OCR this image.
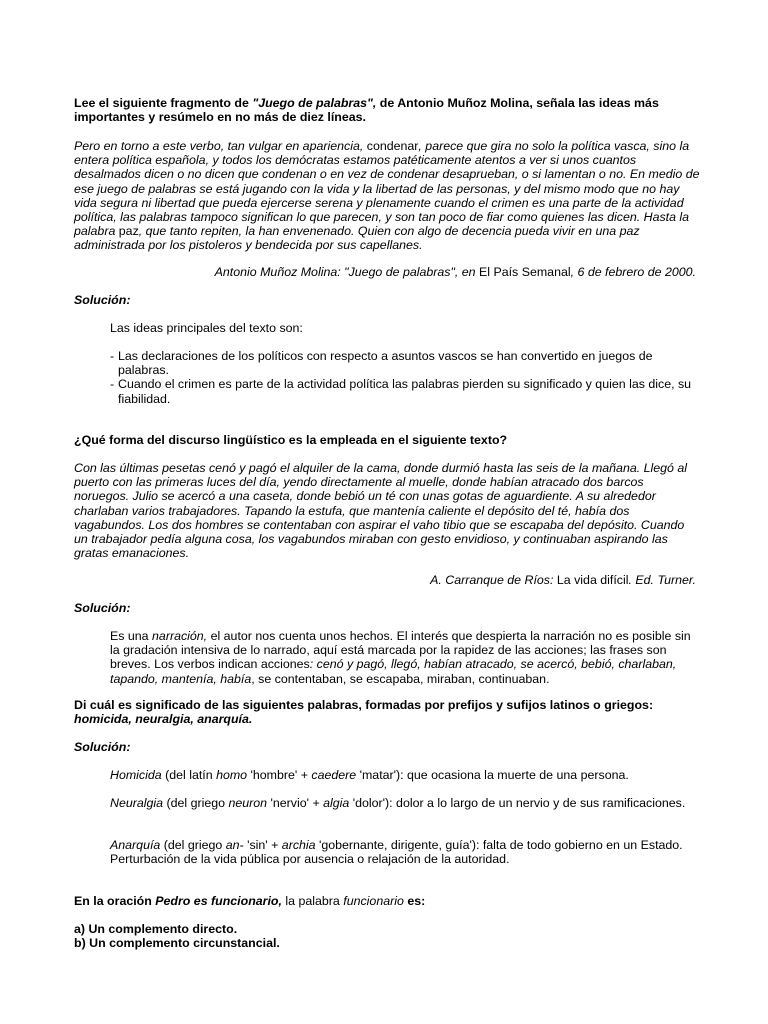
Lee el siguiente fragmento de "Juego de palabras", de Antonio Muñoz Molina, señala las ideas más importantes y resúmelo en no más de diez líneas.

Pero en torno a este verbo, tan vulgar en apariencia, condenar, parece que gira no solo la política vasca, sino la entera política española, y todos los demócratas estamos patéticamente atentos a ver si unos cuantos desalmados dicen o no dicen que condenan o en vez de condenar desaprueban, o si lamentan o no. En medio de ese juego de palabras se está jugando con la vida y la libertad de las personas, y del mismo modo que no hay vida segura ni libertad que pueda ejercerse serena y plenamente cuando el crimen es una parte de la actividad política, las palabras tampoco significan lo que parecen, y son tan poco de fiar como quienes las dicen. Hasta la palabra paz, que tanto repiten, la han envenenado. Quien con algo de decencia pueda vivir en una paz administrada por los pistoleros y bendecida por sus capellanes.

Antonio Muñoz Molina: "Juego de palabras", en El País Semanal, 6 de febrero de 2000.

Solución:

Las ideas principales del texto son:

- Las declaraciones de los políticos con respecto a asuntos vascos se han convertido en juegos de palabras.
- Cuando el crimen es parte de la actividad política las palabras pierden su significado y quien las dice, su fiabilidad.

¿Qué forma del discurso lingüístico es la empleada en el siguiente texto?

Con las últimas pesetas cenó y pagó el alquiler de la cama, donde durmió hasta las seis de la mañana. Llegó al puerto con las primeras luces del día, yendo directamente al muelle, donde habían atracado dos barcos noruegos. Julio se acercó a una caseta, donde bebió un té con unas gotas de aguardiente. A su alrededor charlaban varios trabajadores. Tapando la estufa, que mantenía caliente el depósito del té, había dos vagabundos. Los dos hombres se contentaban con aspirar el vaho tibio que se escapaba del depósito. Cuando un trabajador pedía alguna cosa, los vagabundos miraban con gesto envidioso, y continuaban aspirando las gratas emanaciones.

A. Carranque de Ríos: La vida difícil. Ed. Turner.

Solución:

Es una narración, el autor nos cuenta unos hechos. El interés que despierta la narración no es posible sin la gradación intensiva de lo narrado, aquí está marcada por la rapidez de las acciones; las frases son breves. Los verbos indican acciones: cenó y pagó, llegó, habían atracado, se acercó, bebió, charlaban, tapando, mantenía, había, se contentaban, se escapaba, miraban, continuaban.

Di cuál es significado de las siguientes palabras, formadas por prefijos y sufijos latinos o griegos:
homicida, neuralgia, anarquía.

Solución:

Homicida (del latín homo 'hombre' + caedere 'matar'): que ocasiona la muerte de una persona.

Neuralgia (del griego neuron 'nervio' + algia 'dolor'): dolor a lo largo de un nervio y de sus ramificaciones.

Anarquía (del griego an- 'sin' + archia 'gobernante, dirigente, guía'): falta de todo gobierno en un Estado. Perturbación de la vida pública por ausencia o relajación de la autoridad.

En la oración Pedro es funcionario, la palabra funcionario es:

a) Un complemento directo.
b) Un complemento circunstancial.
